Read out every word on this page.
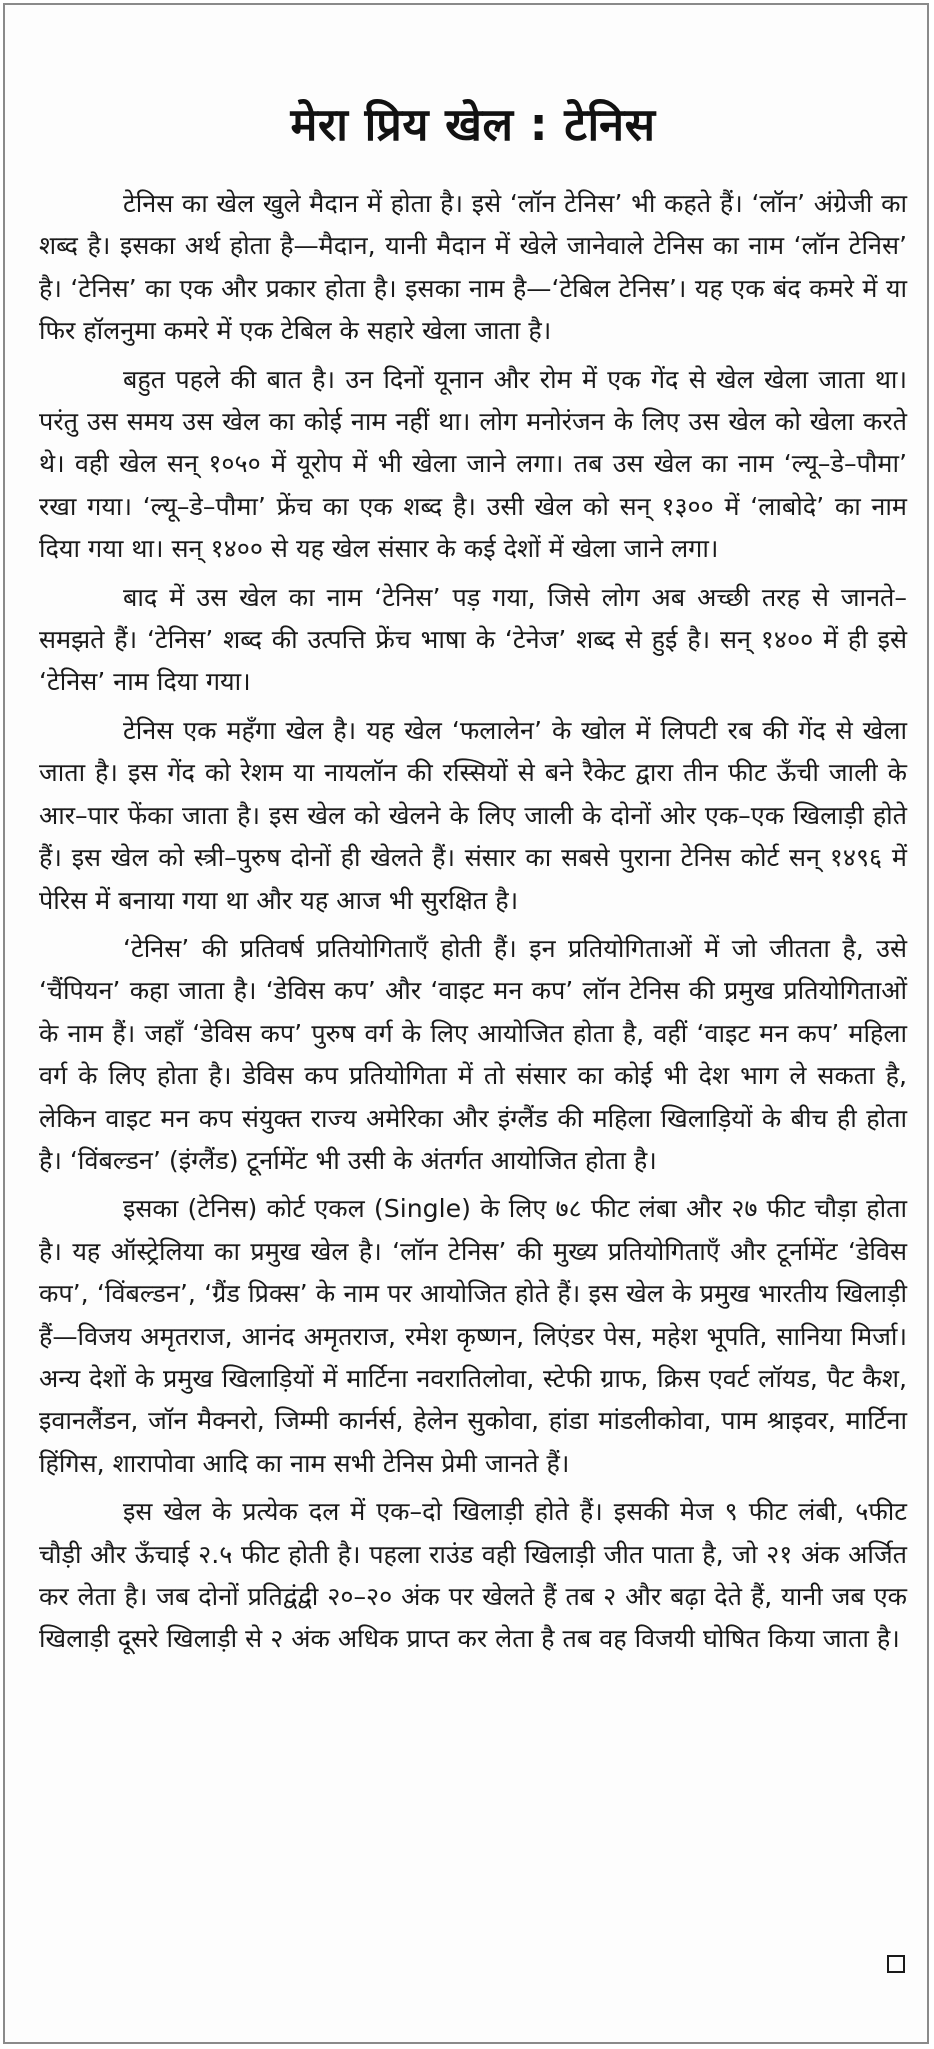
मेरा प्रिय खेल : टेनिस

टेनिस का खेल खुले मैदान में होता है। इसे ‘लॉन टेनिस’ भी कहते हैं। ‘लॉन’ अंग्रेजी का शब्द है। इसका अर्थ होता है—मैदान, यानी मैदान में खेले जानेवाले टेनिस का नाम ‘लॉन टेनिस’ है। ‘टेनिस’ का एक और प्रकार होता है। इसका नाम है—‘टेबिल टेनिस’। यह एक बंद कमरे में या फिर हॉलनुमा कमरे में एक टेबिल के सहारे खेला जाता है।

बहुत पहले की बात है। उन दिनों यूनान और रोम में एक गेंद से खेल खेला जाता था। परंतु उस समय उस खेल का कोई नाम नहीं था। लोग मनोरंजन के लिए उस खेल को खेला करते थे। वही खेल सन् १०५० में यूरोप में भी खेला जाने लगा। तब उस खेल का नाम ‘ल्यू–डे–पौमा’ रखा गया। ‘ल्यू–डे–पौमा’ फ्रेंच का एक शब्द है। उसी खेल को सन् १३०० में ‘लाबोदे’ का नाम दिया गया था। सन् १४०० से यह खेल संसार के कई देशों में खेला जाने लगा।

बाद में उस खेल का नाम ‘टेनिस’ पड़ गया, जिसे लोग अब अच्छी तरह से जानते–समझते हैं। ‘टेनिस’ शब्द की उत्पत्ति फ्रेंच भाषा के ‘टेनेज’ शब्द से हुई है। सन् १४०० में ही इसे ‘टेनिस’ नाम दिया गया।

टेनिस एक महँगा खेल है। यह खेल ‘फलालेन’ के खोल में लिपटी रब की गेंद से खेला जाता है। इस गेंद को रेशम या नायलॉन की रस्सियों से बने रैकेट द्वारा तीन फीट ऊँची जाली के आर–पार फेंका जाता है। इस खेल को खेलने के लिए जाली के दोनों ओर एक–एक खिलाड़ी होते हैं। इस खेल को स्त्री–पुरुष दोनों ही खेलते हैं। संसार का सबसे पुराना टेनिस कोर्ट सन् १४९६ में पेरिस में बनाया गया था और यह आज भी सुरक्षित है।

‘टेनिस’ की प्रतिवर्ष प्रतियोगिताएँ होती हैं। इन प्रतियोगिताओं में जो जीतता है, उसे ‘चैंपियन’ कहा जाता है। ‘डेविस कप’ और ‘वाइट मन कप’ लॉन टेनिस की प्रमुख प्रतियोगिताओं के नाम हैं। जहाँ ‘डेविस कप’ पुरुष वर्ग के लिए आयोजित होता है, वहीं ‘वाइट मन कप’ महिला वर्ग के लिए होता है। डेविस कप प्रतियोगिता में तो संसार का कोई भी देश भाग ले सकता है, लेकिन वाइट मन कप संयुक्त राज्य अमेरिका और इंग्लैंड की महिला खिलाड़ियों के बीच ही होता है। ‘विंबल्डन’ (इंग्लैंड) टूर्नामेंट भी उसी के अंतर्गत आयोजित होता है।

इसका (टेनिस) कोर्ट एकल (Single) के लिए ७८ फीट लंबा और २७ फीट चौड़ा होता है। यह ऑस्ट्रेलिया का प्रमुख खेल है। ‘लॉन टेनिस’ की मुख्य प्रतियोगिताएँ और टूर्नामेंट ‘डेविस कप’, ‘विंबल्डन’, ‘ग्रैंड प्रिक्स’ के नाम पर आयोजित होते हैं। इस खेल के प्रमुख भारतीय खिलाड़ी हैं—विजय अमृतराज, आनंद अमृतराज, रमेश कृष्णन, लिएंडर पेस, महेश भूपति, सानिया मिर्जा। अन्य देशों के प्रमुख खिलाड़ियों में मार्टिना नवरातिलोवा, स्टेफी ग्राफ, क्रिस एवर्ट लॉयड, पैट कैश, इवानलैंडन, जॉन मैक्नरो, जिम्मी कार्नर्स, हेलेन सुकोवा, हांडा मांडलीकोवा, पाम श्राइवर, मार्टिना हिंगिस, शारापोवा आदि का नाम सभी टेनिस प्रेमी जानते हैं।

इस खेल के प्रत्येक दल में एक–दो खिलाड़ी होते हैं। इसकी मेज ९ फीट लंबी, ५फीट चौड़ी और ऊँचाई २.५ फीट होती है। पहला राउंड वही खिलाड़ी जीत पाता है, जो २१ अंक अर्जित कर लेता है। जब दोनों प्रतिद्वंद्वी २०–२० अंक पर खेलते हैं तब २ और बढ़ा देते हैं, यानी जब एक खिलाड़ी दूसरे खिलाड़ी से २ अंक अधिक प्राप्त कर लेता है तब वह विजयी घोषित किया जाता है।
